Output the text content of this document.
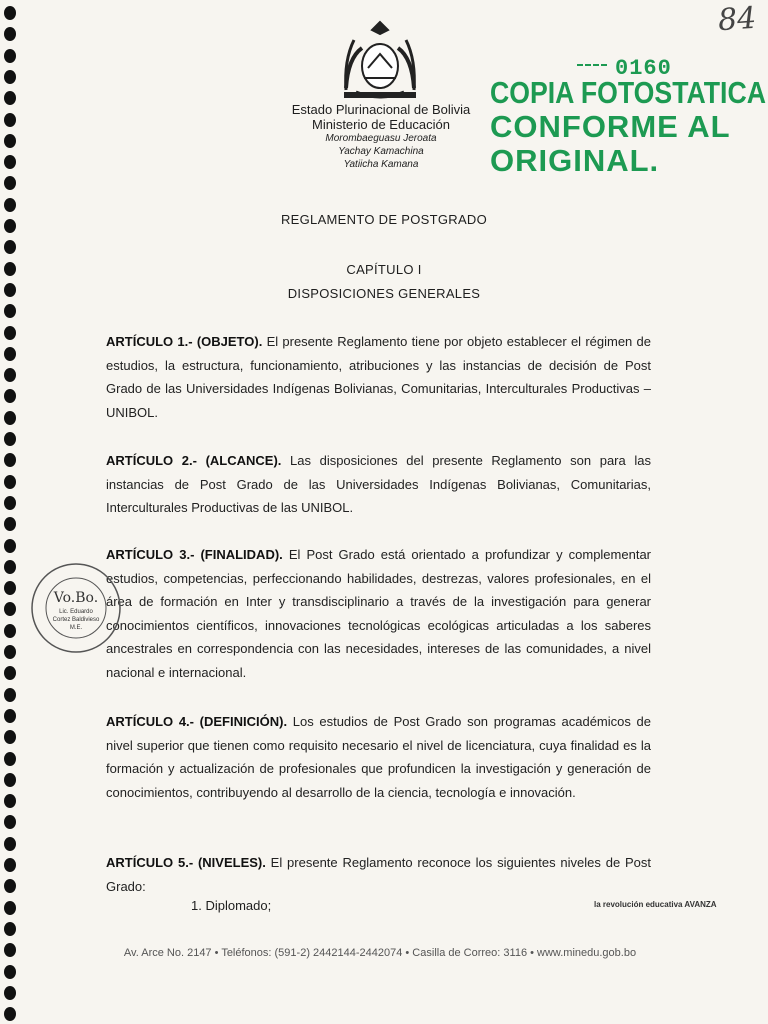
84
Estado Plurinacional de Bolivia
Ministerio de Educación
Morombaeguasu Jeroata
Yachay Kamachina
Yatiicha Kamana
0160
COPIA FOTOSTATICA
CONFORME AL
ORIGINAL.
REGLAMENTO DE POSTGRADO
CAPÍTULO I
DISPOSICIONES GENERALES
ARTÍCULO 1.- (OBJETO). El presente Reglamento tiene por objeto establecer el régimen de estudios, la estructura, funcionamiento, atribuciones y las instancias de decisión de Post Grado de las Universidades Indígenas Bolivianas, Comunitarias, Interculturales Productivas – UNIBOL.
ARTÍCULO 2.- (ALCANCE). Las disposiciones del presente Reglamento son para las instancias de Post Grado de las Universidades Indígenas Bolivianas, Comunitarias, Interculturales Productivas de las UNIBOL.
ARTÍCULO 3.- (FINALIDAD). El Post Grado está orientado a profundizar y complementar estudios, competencias, perfeccionando habilidades, destrezas, valores profesionales, en el área de formación en Inter y transdisciplinario a través de la investigación para generar conocimientos científicos, innovaciones tecnológicas ecológicas articuladas a los saberes ancestrales en correspondencia con las necesidades, intereses de las comunidades, a nivel nacional e internacional.
ARTÍCULO 4.- (DEFINICIÓN). Los estudios de Post Grado son programas académicos de nivel superior que tienen como requisito necesario el nivel de licenciatura, cuya finalidad es la formación y actualización de profesionales que profundicen la investigación y generación de conocimientos, contribuyendo al desarrollo de la ciencia, tecnología e innovación.
ARTÍCULO 5.- (NIVELES). El presente Reglamento reconoce los siguientes niveles de Post Grado:
1. Diplomado;	la revolución educativa AVANZA
Av. Arce No. 2147 • Teléfonos: (591-2) 2442144-2442074 • Casilla de Correo: 3116 • www.minedu.gob.bo
Vo.Bo.
Lic. Eduardo
Cortez Baldivieso
M.E.
